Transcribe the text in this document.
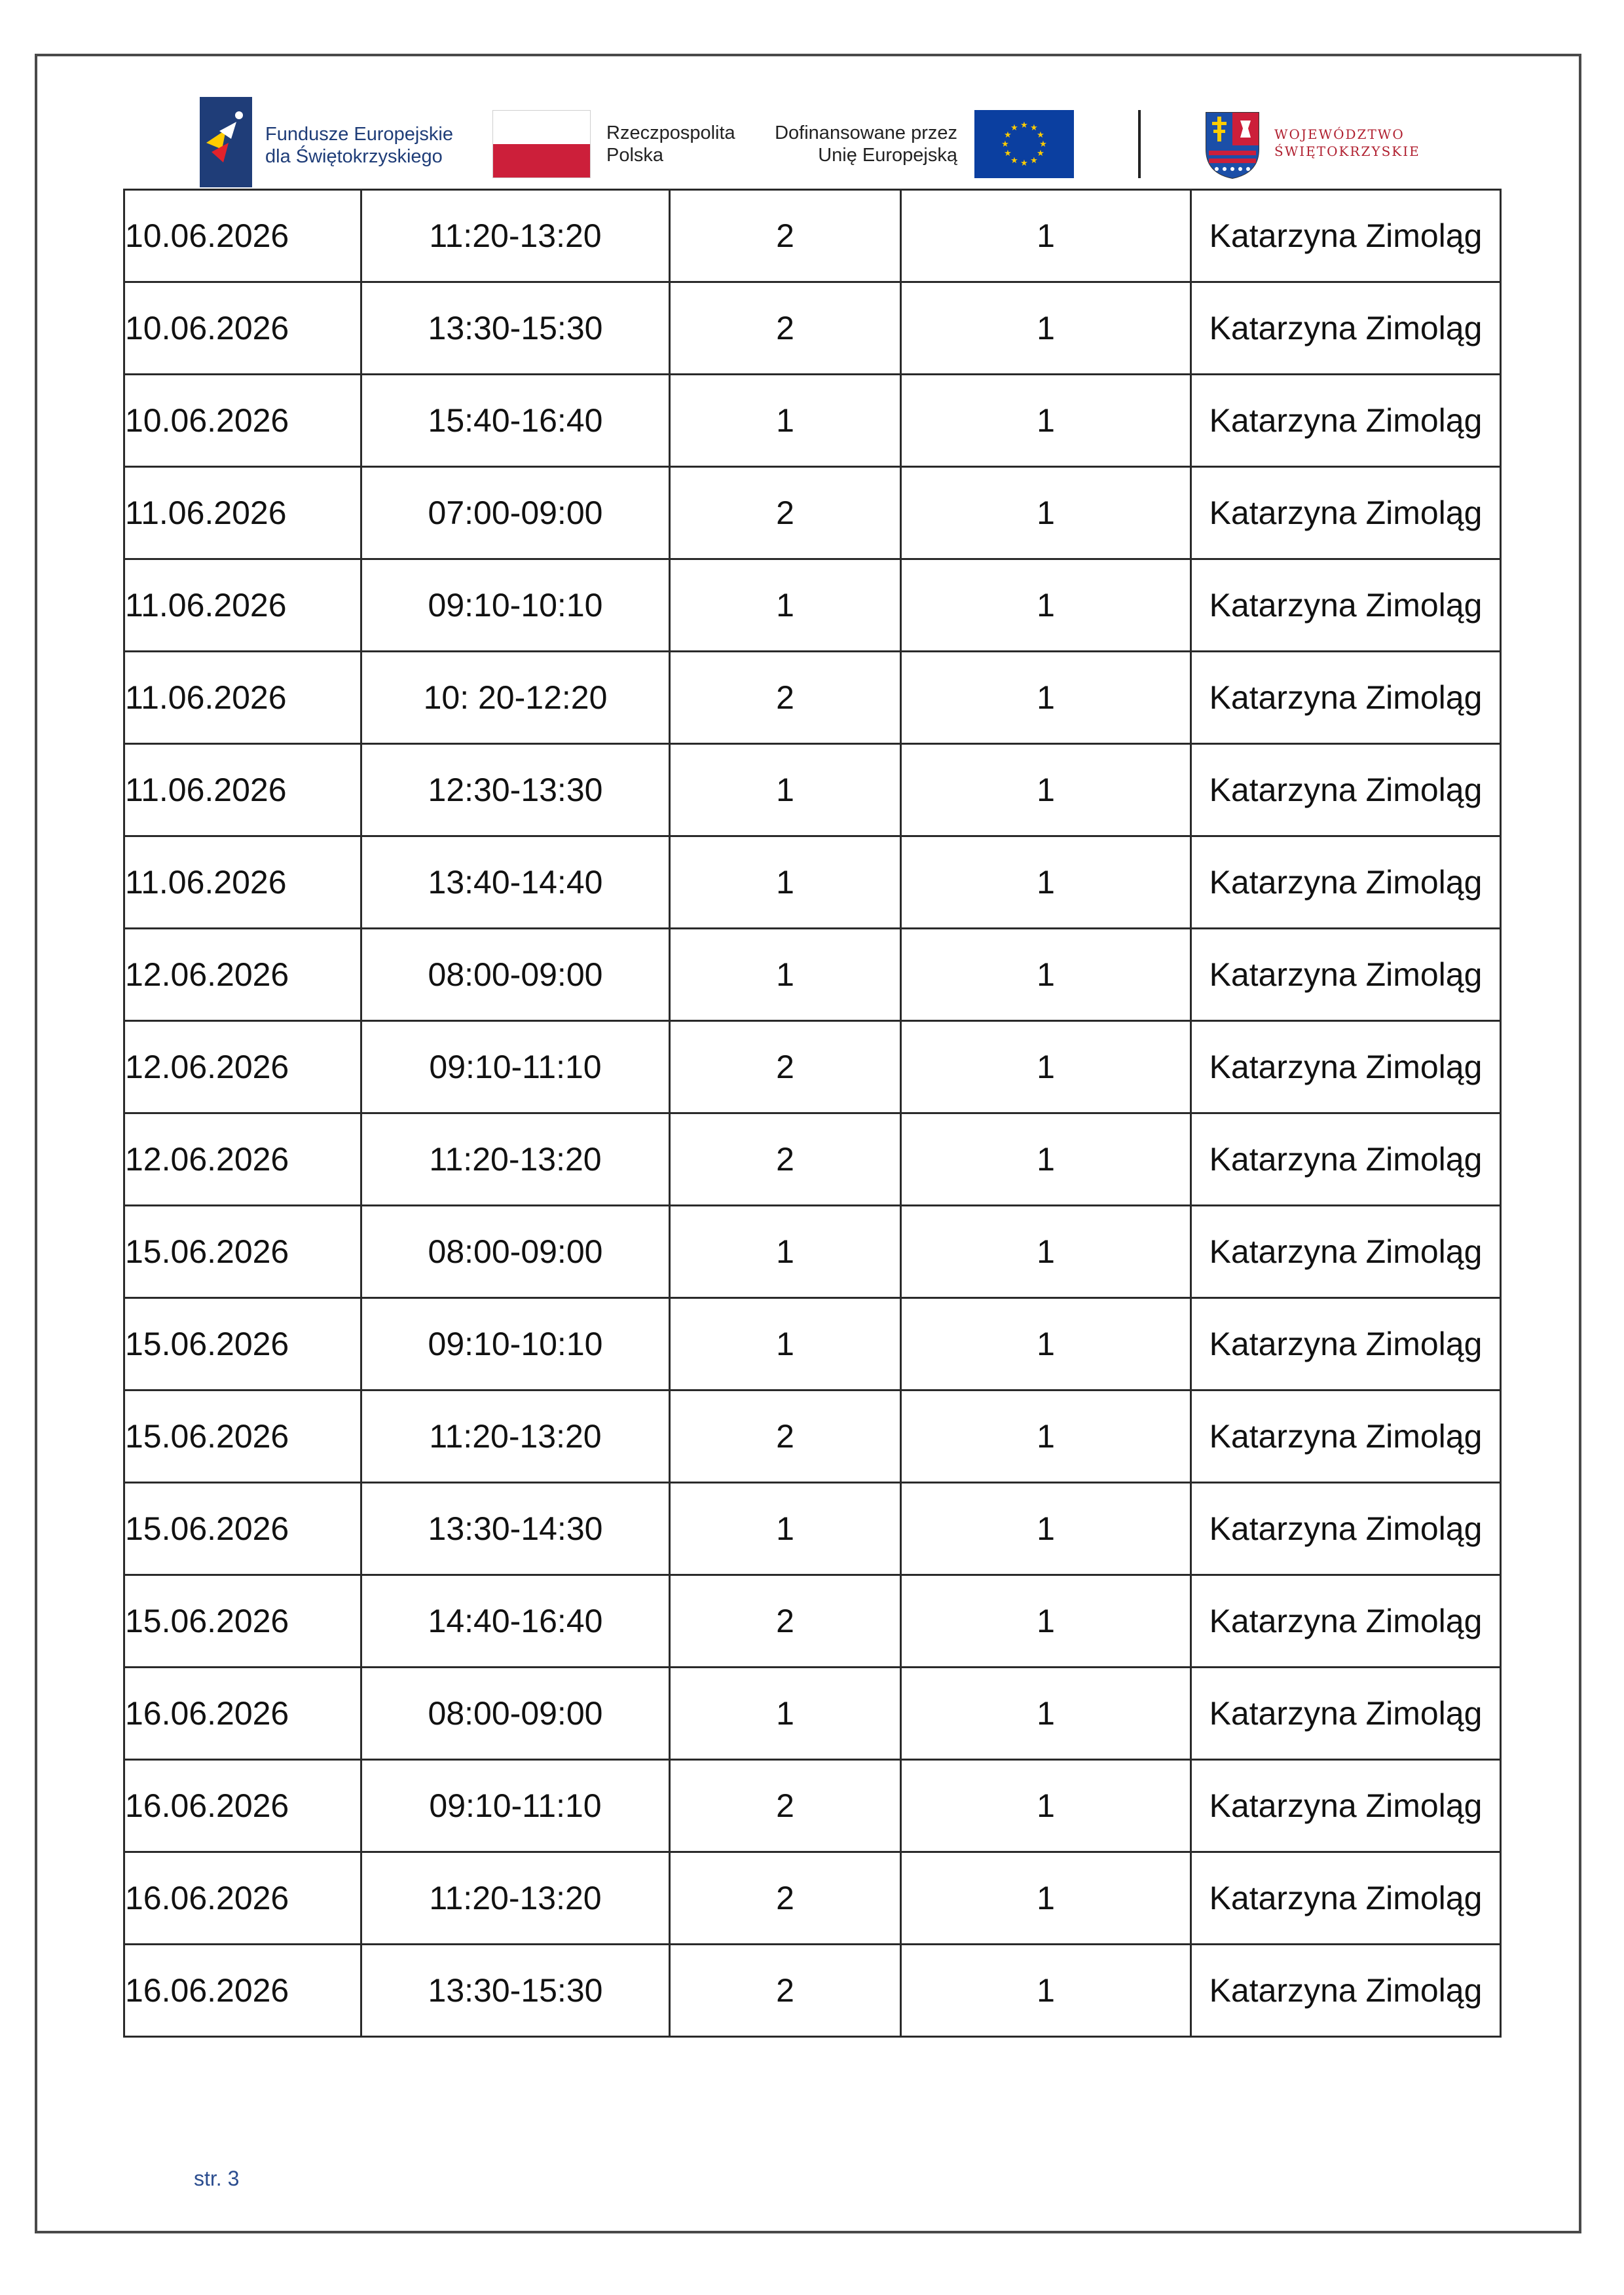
Fundusze Europejskie
dla Świętokrzyskiego
Rzeczpospolita
Polska
Dofinansowane przez
Unię Europejską
★ ★
★
★
★
★
★
★
★
★
★
★	WOJEWÓDZTWO
ŚWIĘTOKRZYSKIE
10.06.2026	11:20-13:20	2	1	Katarzyna Zimoląg
10.06.2026	13:30-15:30	2	1	Katarzyna Zimoląg
10.06.2026	15:40-16:40	1	1	Katarzyna Zimoląg
11.06.2026	07:00-09:00	2	1	Katarzyna Zimoląg
11.06.2026	09:10-10:10	1	1	Katarzyna Zimoląg
11.06.2026	10: 20-12:20	2	1	Katarzyna Zimoląg
11.06.2026	12:30-13:30	1	1	Katarzyna Zimoląg
11.06.2026	13:40-14:40	1	1	Katarzyna Zimoląg
12.06.2026	08:00-09:00	1	1	Katarzyna Zimoląg
12.06.2026	09:10-11:10	2	1	Katarzyna Zimoląg
12.06.2026	11:20-13:20	2	1	Katarzyna Zimoląg
15.06.2026	08:00-09:00	1	1	Katarzyna Zimoląg
15.06.2026	09:10-10:10	1	1	Katarzyna Zimoląg
15.06.2026	11:20-13:20	2	1	Katarzyna Zimoląg
15.06.2026	13:30-14:30	1	1	Katarzyna Zimoląg
15.06.2026	14:40-16:40	2	1	Katarzyna Zimoląg
16.06.2026	08:00-09:00	1	1	Katarzyna Zimoląg
16.06.2026	09:10-11:10	2	1	Katarzyna Zimoląg
16.06.2026	11:20-13:20	2	1	Katarzyna Zimoląg
16.06.2026	13:30-15:30	2	1	Katarzyna Zimoląg
str. 3
